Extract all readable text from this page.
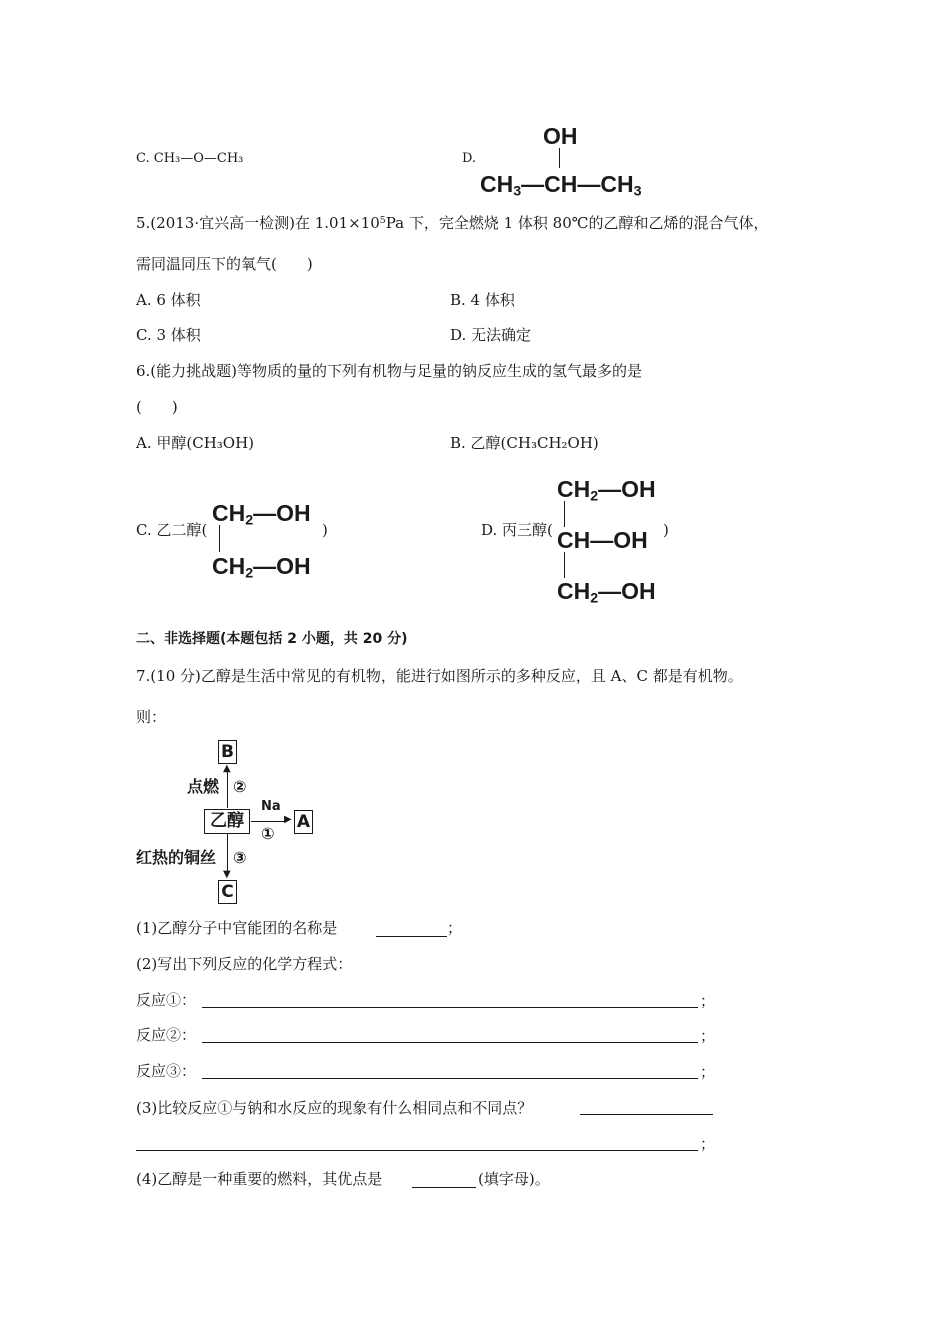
C. CH₃—O—CH₃	D.
OH
$CH_3—CH—CH_3$
5.(2013·宜兴高一检测)在 $1.01\times 10^5Pa$ 下，完全燃烧 1 体积 80℃的乙醇和乙烯的混合气体，
需同温同压下的氧气(　　)
A. 6 体积	B. 4 体积
C. 3 体积	D. 无法确定
6.(能力挑战题)等物质的量的下列有机物与足量的钠反应生成的氢气最多的是
(　　)
A. 甲醇(CH₃OH)	B. 乙醇(CH₃CH₂OH)
C. 乙二醇(
$CH_2—OH$
$CH_2—OH$
)	D. 丙三醇(
$CH_2—OH$
CH—OH
$CH_2—OH$
)
二、非选择题(本题包括 2 小题，共 20 分)
7.(10 分)乙醇是生活中常见的有机物，能进行如图所示的多种反应，且 A、C 都是有机物。
则：
B
▲
点燃 ②
乙醇
Na
▶
①
A
▼
红热的铜丝 ③
C
(1)乙醇分子中官能团的名称是	；
(2)写出下列反应的化学方程式：
反应①：	；
反应②：	；
反应③：	；
(3)比较反应①与钠和水反应的现象有什么相同点和不同点？
；
(4)乙醇是一种重要的燃料，其优点是	(填字母)。
